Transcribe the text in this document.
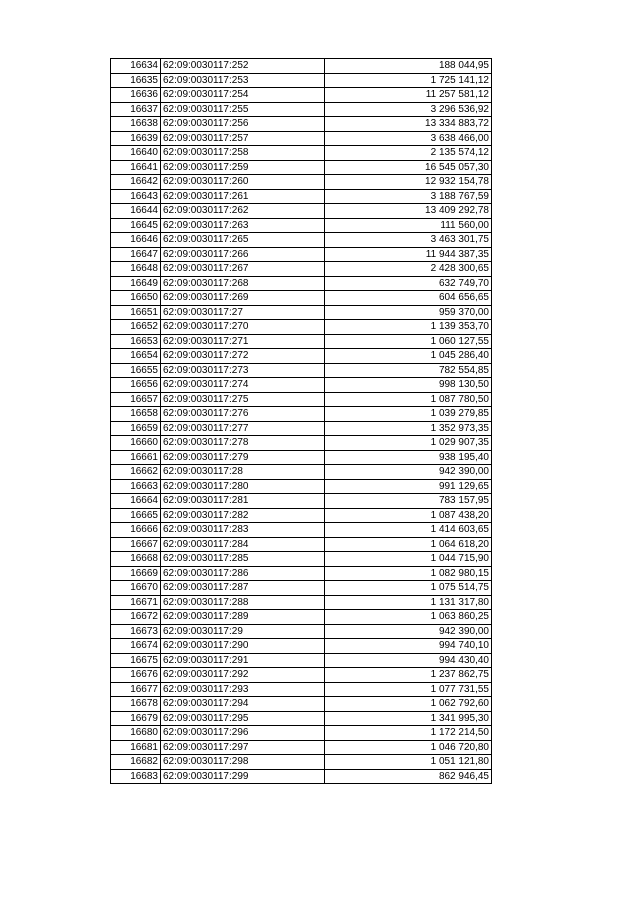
16634	62:09:0030117:252	188 044,95
16635	62:09:0030117:253	1 725 141,12
16636	62:09:0030117:254	11 257 581,12
16637	62:09:0030117:255	3 296 536,92
16638	62:09:0030117:256	13 334 883,72
16639	62:09:0030117:257	3 638 466,00
16640	62:09:0030117:258	2 135 574,12
16641	62:09:0030117:259	16 545 057,30
16642	62:09:0030117:260	12 932 154,78
16643	62:09:0030117:261	3 188 767,59
16644	62:09:0030117:262	13 409 292,78
16645	62:09:0030117:263	111 560,00
16646	62:09:0030117:265	3 463 301,75
16647	62:09:0030117:266	11 944 387,35
16648	62:09:0030117:267	2 428 300,65
16649	62:09:0030117:268	632 749,70
16650	62:09:0030117:269	604 656,65
16651	62:09:0030117:27	959 370,00
16652	62:09:0030117:270	1 139 353,70
16653	62:09:0030117:271	1 060 127,55
16654	62:09:0030117:272	1 045 286,40
16655	62:09:0030117:273	782 554,85
16656	62:09:0030117:274	998 130,50
16657	62:09:0030117:275	1 087 780,50
16658	62:09:0030117:276	1 039 279,85
16659	62:09:0030117:277	1 352 973,35
16660	62:09:0030117:278	1 029 907,35
16661	62:09:0030117:279	938 195,40
16662	62:09:0030117:28	942 390,00
16663	62:09:0030117:280	991 129,65
16664	62:09:0030117:281	783 157,95
16665	62:09:0030117:282	1 087 438,20
16666	62:09:0030117:283	1 414 603,65
16667	62:09:0030117:284	1 064 618,20
16668	62:09:0030117:285	1 044 715,90
16669	62:09:0030117:286	1 082 980,15
16670	62:09:0030117:287	1 075 514,75
16671	62:09:0030117:288	1 131 317,80
16672	62:09:0030117:289	1 063 860,25
16673	62:09:0030117:29	942 390,00
16674	62:09:0030117:290	994 740,10
16675	62:09:0030117:291	994 430,40
16676	62:09:0030117:292	1 237 862,75
16677	62:09:0030117:293	1 077 731,55
16678	62:09:0030117:294	1 062 792,60
16679	62:09:0030117:295	1 341 995,30
16680	62:09:0030117:296	1 172 214,50
16681	62:09:0030117:297	1 046 720,80
16682	62:09:0030117:298	1 051 121,80
16683	62:09:0030117:299	862 946,45
